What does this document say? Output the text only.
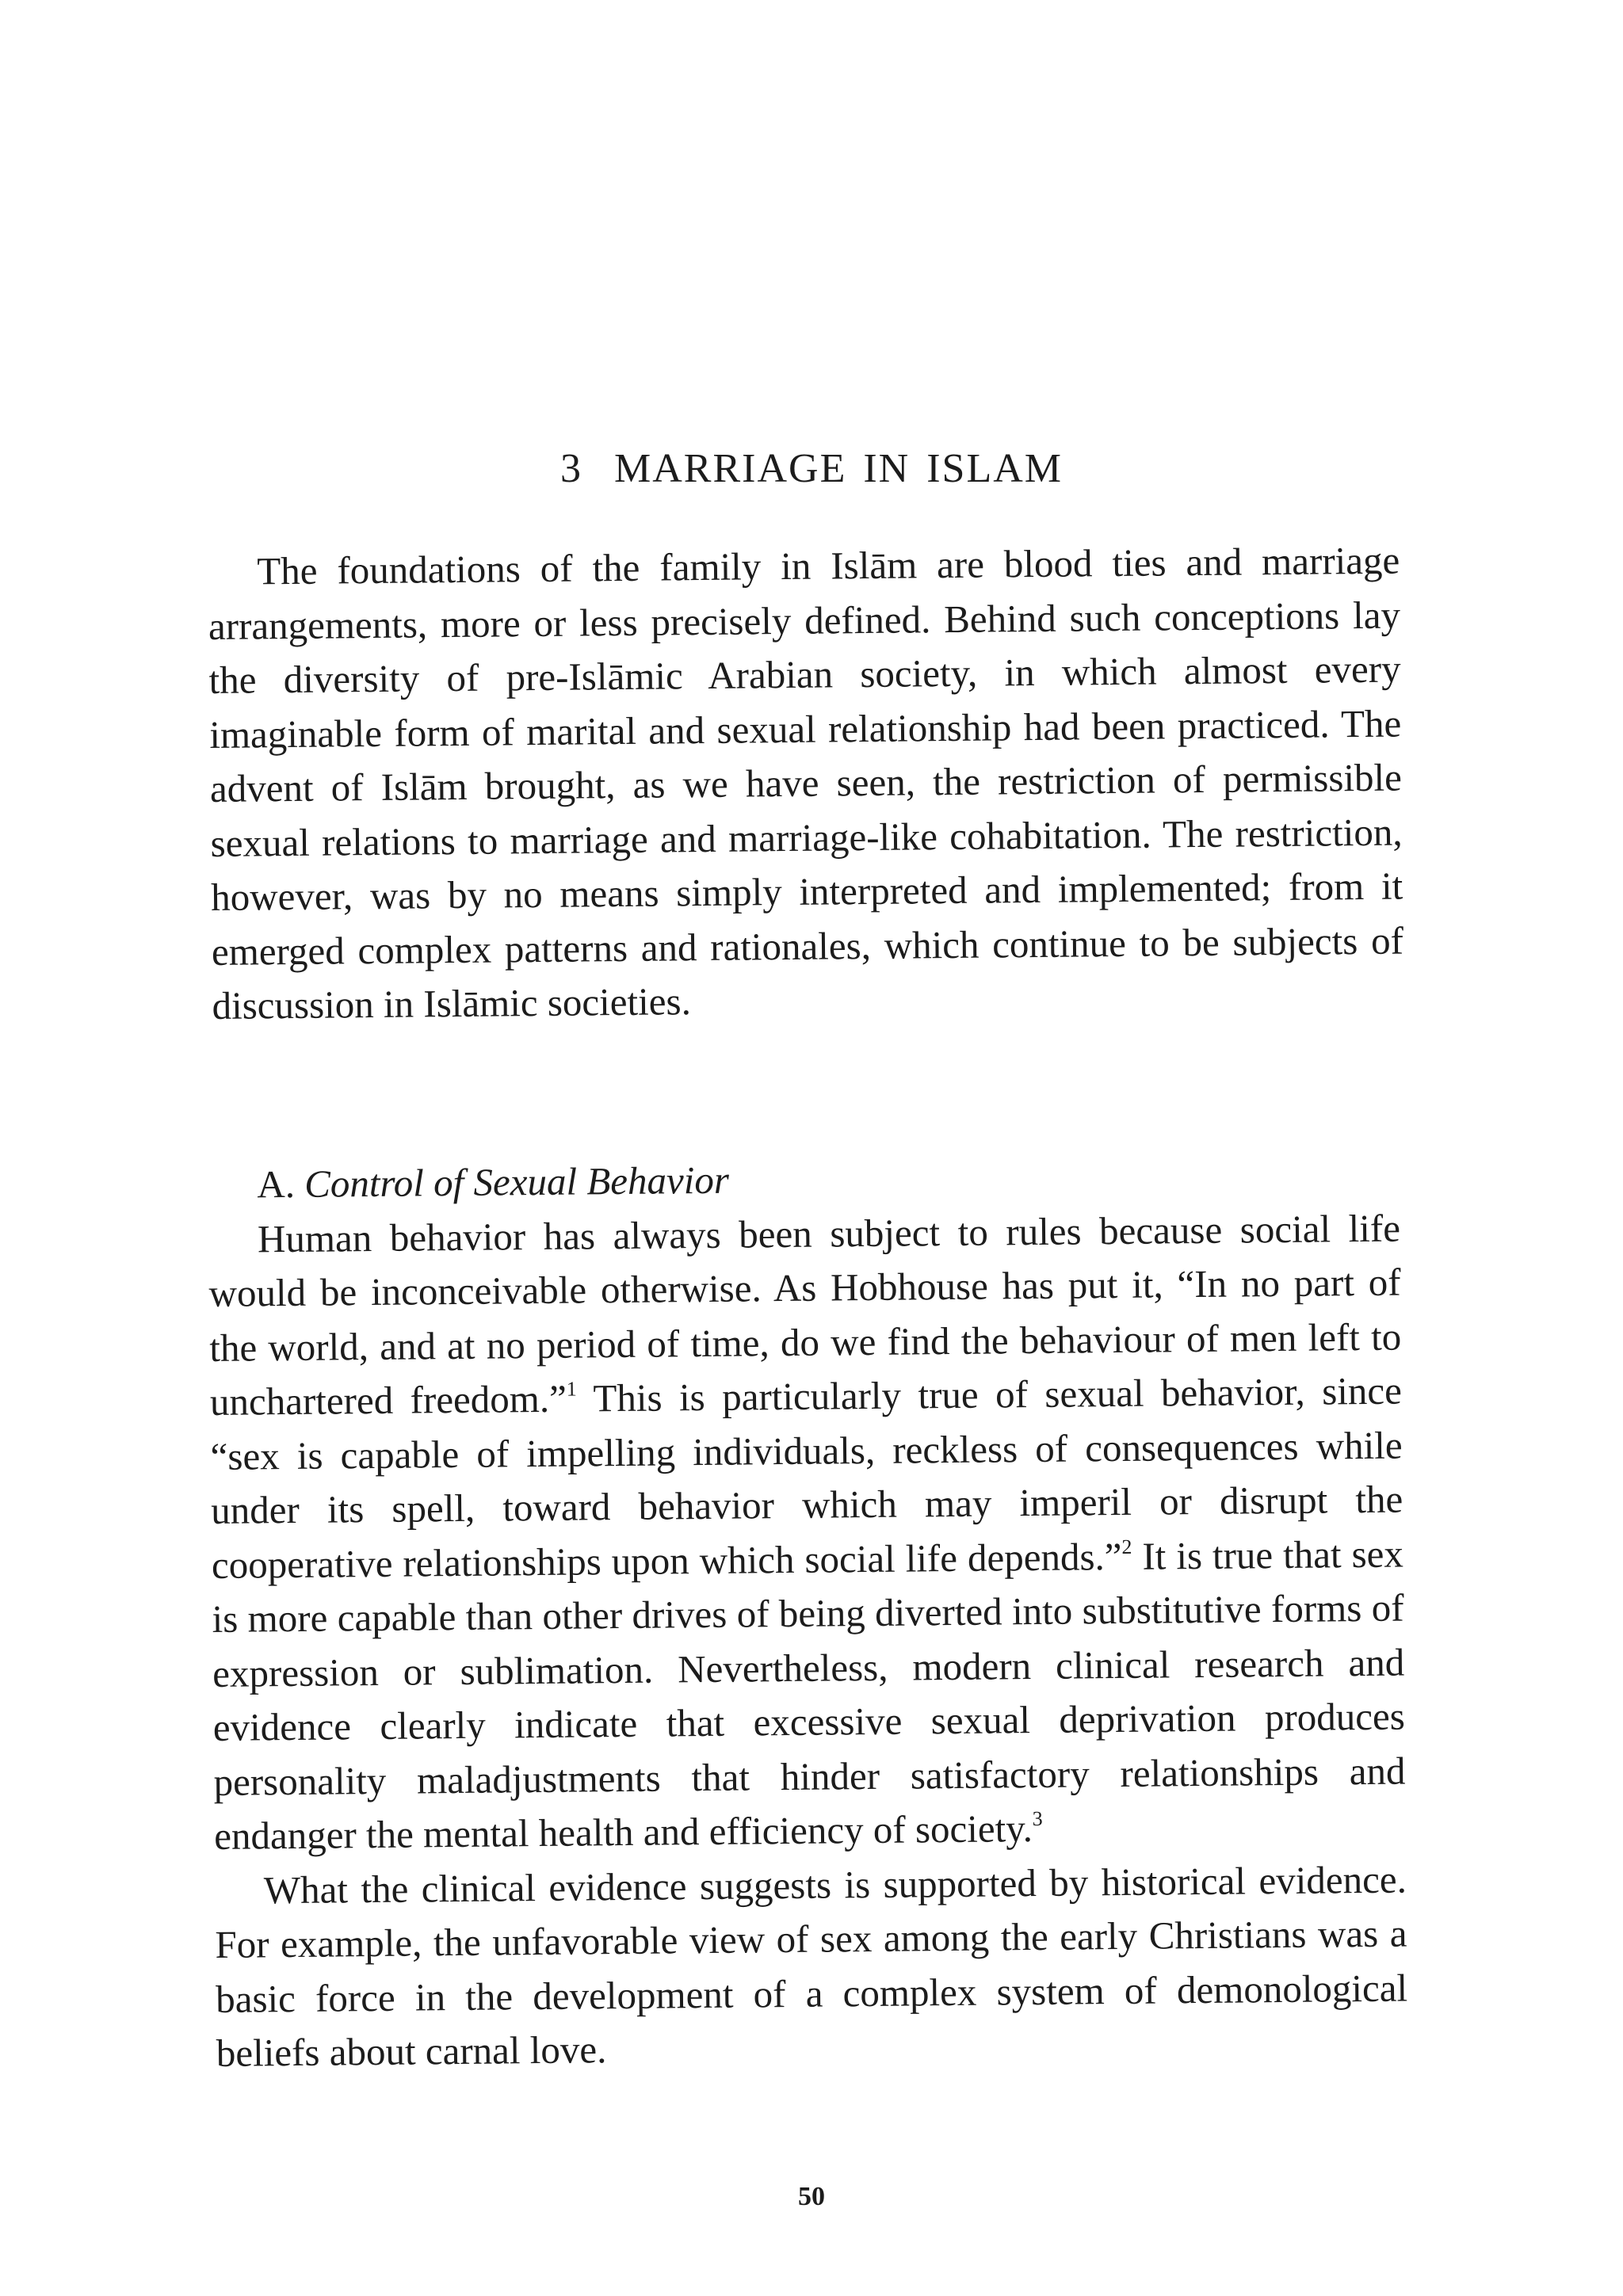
3 MARRIAGE IN ISLAM

The foundations of the family in Islām are blood ties and marriage arrangements, more or less precisely defined. Behind such conceptions lay the diversity of pre-Islāmic Arabian society, in which almost every imaginable form of marital and sexual relationship had been practiced. The advent of Islām brought, as we have seen, the restriction of permissible sexual relations to marriage and marriage-like cohabitation. The restriction, however, was by no means simply interpreted and implemented; from it emerged complex patterns and rationales, which continue to be subjects of discussion in Islāmic societies.

A. Control of Sexual Behavior

Human behavior has always been subject to rules because social life would be inconceivable otherwise. As Hobhouse has put it, “In no part of the world, and at no period of time, do we find the behaviour of men left to unchartered freedom.”$^1$ This is particularly true of sexual behavior, since “sex is capable of impelling individuals, reckless of consequences while under its spell, toward behavior which may imperil or disrupt the cooperative relationships upon which social life depends.”$^2$ It is true that sex is more capable than other drives of being diverted into substitutive forms of expression or sublimation. Nevertheless, modern clinical research and evidence clearly indicate that excessive sexual deprivation produces personality maladjustments that hinder satisfactory relationships and endanger the mental health and efficiency of society.$^3$

What the clinical evidence suggests is supported by historical evidence. For example, the unfavorable view of sex among the early Christians was a basic force in the development of a complex system of demonological beliefs about carnal love.

50
